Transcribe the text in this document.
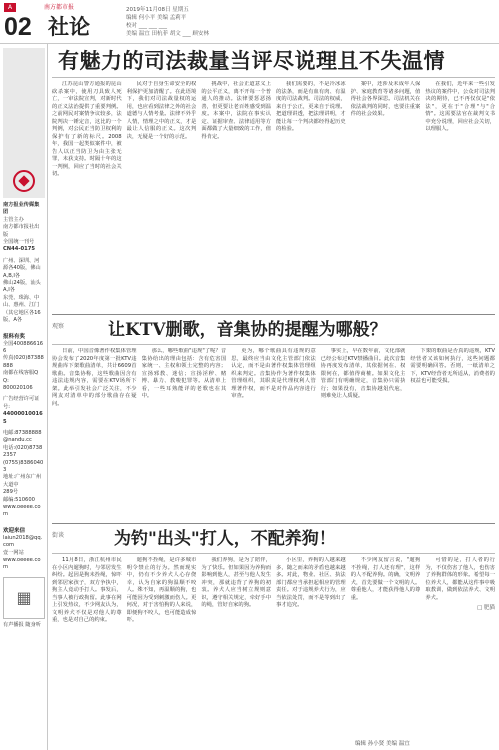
A	南方都市报
02 社论
2019年11月08日 星期五
编辑 何小平 美编 孟莉平
校对 ___ ___ ___
美编 温宜 田杭菲 胡文 ___ 顾安林
南方报业传媒集团
主管主办
南方都市报社出版
全国统一刊号
CN44-0175
广州、深圳、河源各40版，佛山A,B,I各
佛山24版，汕头A,I各
东莞、珠海、中山、惠州、江门（其它地区各16版，A各
报料有奖
全国4008866166
传真(020)87388888
南都在线客服QQ:
800020106
广告经营许可证号:
440000100165
电邮:87388888
@nandu.cc
电话:(020)87382357
(0755)83860403
地址:广州东广州大道中
289号
邮编:510600
www.oeeee.com
欢迎来信
laiun2018@qq.com
壹一网站
www.oeeee.com
▦
有声播报 随身听
有魅力的司法裁量当评尽说理且不失温情

江苏昆山警方通报的昆山砍杀案中，使用刀具致人死亡，一审法院宣判，对新时代的正义法治提供了重要判例。之前网民对案情争议较多，法院判决一锤定音，这比的一个判例，对公民正当防卫权利的保护有了新的标尺。2008年，我国一起类似案件中，被告人以正当防卫为由主张无罪，未获支持。时隔十年的这一判例，回应了当时的社会关切。

民对于自身生命安全的权利保护更加清醒了。在此语境下，我们对司法裁量权的运用，也应看到法律之外的社会道德与人情考量。法律不外乎人情，情理之中的正义，才是最让人信服的正义。这次判决，无疑是一个好的示范。

挑战中，社会正道意义上的公平正义，离不开每一个普通人的推动。法律要惩恶扬善，但更要让老百姓感受到温度。本案中，法院在事实认定、证据审查、法律适用等方面都做了大量细致的工作，值得肯定。

我们需要的，不是冷冰冰的法条，而是有血有肉、有温度的司法裁判。司法的权威，来自于公正，更来自于说理。把道理讲透，把法理讲明，才能让每一个判决都经得起历史的检验。

案中，还涉及未成年人保护、家庭教育等诸多问题，值得社会各界深思。司法机关在依法裁判的同时，也要注重案件的社会效果。

在我们，近年来一些引发热议的案件中，公众对司法判决的期待，已不再仅仅是"依法"，更在于"合理"与"合情"。这需要法官在裁判文书中充分说理，回应社会关切，以理服人。

观察	让KTV删歌，音集协的提醒为哪般？

日前，中国音像著作权集体管理协会发布了2020年度第一批KTV违规曲库下架歌曲清单，共计6609首歌曲。音集协称，这些歌曲因含有违法违规内容，需要在KTV场所下架。此举引发社会广泛关注，不少网友对清单中的部分歌曲存在疑问。

那么，哪些歌曲"违规"了呢？音集协给出的理由包括：含有危害国家统一、主权和领土完整的内容；宣扬邪教、迷信；宣扬淫秽、赌博、暴力、教唆犯罪等。从清单上看，一些耳熟能详的老歌也在其中。

更为，哪个歌曲具有违规的意思，最终应当由文化主管部门依法认定，而不是由著作权集体管理组织来判定。音集协作为著作权集体管理组织，其职责是代理权利人管理著作权，而不是对作品内容进行审查。

事实上，早在数年前，文化部就已经公布过KTV禁播曲目。此次音集协再度发布清单，其依据何在、权限何在，都值得商榷。如果文化主管部门有明确规定，音集协只需执行；如果没有，音集协越俎代庖，则难免让人质疑。

下架的歌曲是否真的违规，KTV经营者又该如何执行，这些问题都需要明确回答。否则，一纸清单之下，KTV经营者无所适从，消费者的权益也可能受损。

街谈	为钓"出头"打人，不配养狗！

11月8日，浙江杭州市民在小区内遛狗时，与邻居发生纠纷。起因是狗未拴绳，惊吓到邻居家孩子，双方争执中，狗主人竟动手打人。事发后，当事人被行政拘留。此事在网上引发热议，不少网友认为，文明养犬不仅是对他人的尊重，也是对自己的约束。

遛狗不拴绳，是许多城市明令禁止的行为。然而现实中，仍有不少养犬人心存侥幸，认为自家的狗温顺不咬人。殊不知，再温顺的狗，也可能因为受到刺激而伤人。更何况，对于害怕狗的人来说，即便狗不咬人，也可能造成惊吓。

我们养狗，是为了陪伴，为了快乐。但如果因为养狗而影响到他人，甚至与他人发生冲突，那就违背了养狗的初衷。养犬人应当树立规则意识，遵守相关规定，牵好手中的绳，管好自家的狗。

小区里，养狗的人越来越多，随之而来的矛盾也越来越多。对此，物业、社区、执法部门都应当承担起相应的管理责任。对于违规养犬行为，应当依法处罚，而不是等到出了事才追究。

不少网友留言说，"遛狗不拴绳，打人还有理"，这样的人不配养狗。的确，文明养犬，首先要做一个文明的人。尊重他人，才能获得他人的尊重。

可惜的是，打人者的行为，不仅伤害了他人，也伤害了养狗群体的形象。希望每一位养犬人，都能从这件事中吸取教训，做到依法养犬、文明养犬。

□ 肥猫
编辑 孙小贤 美编 温宜
